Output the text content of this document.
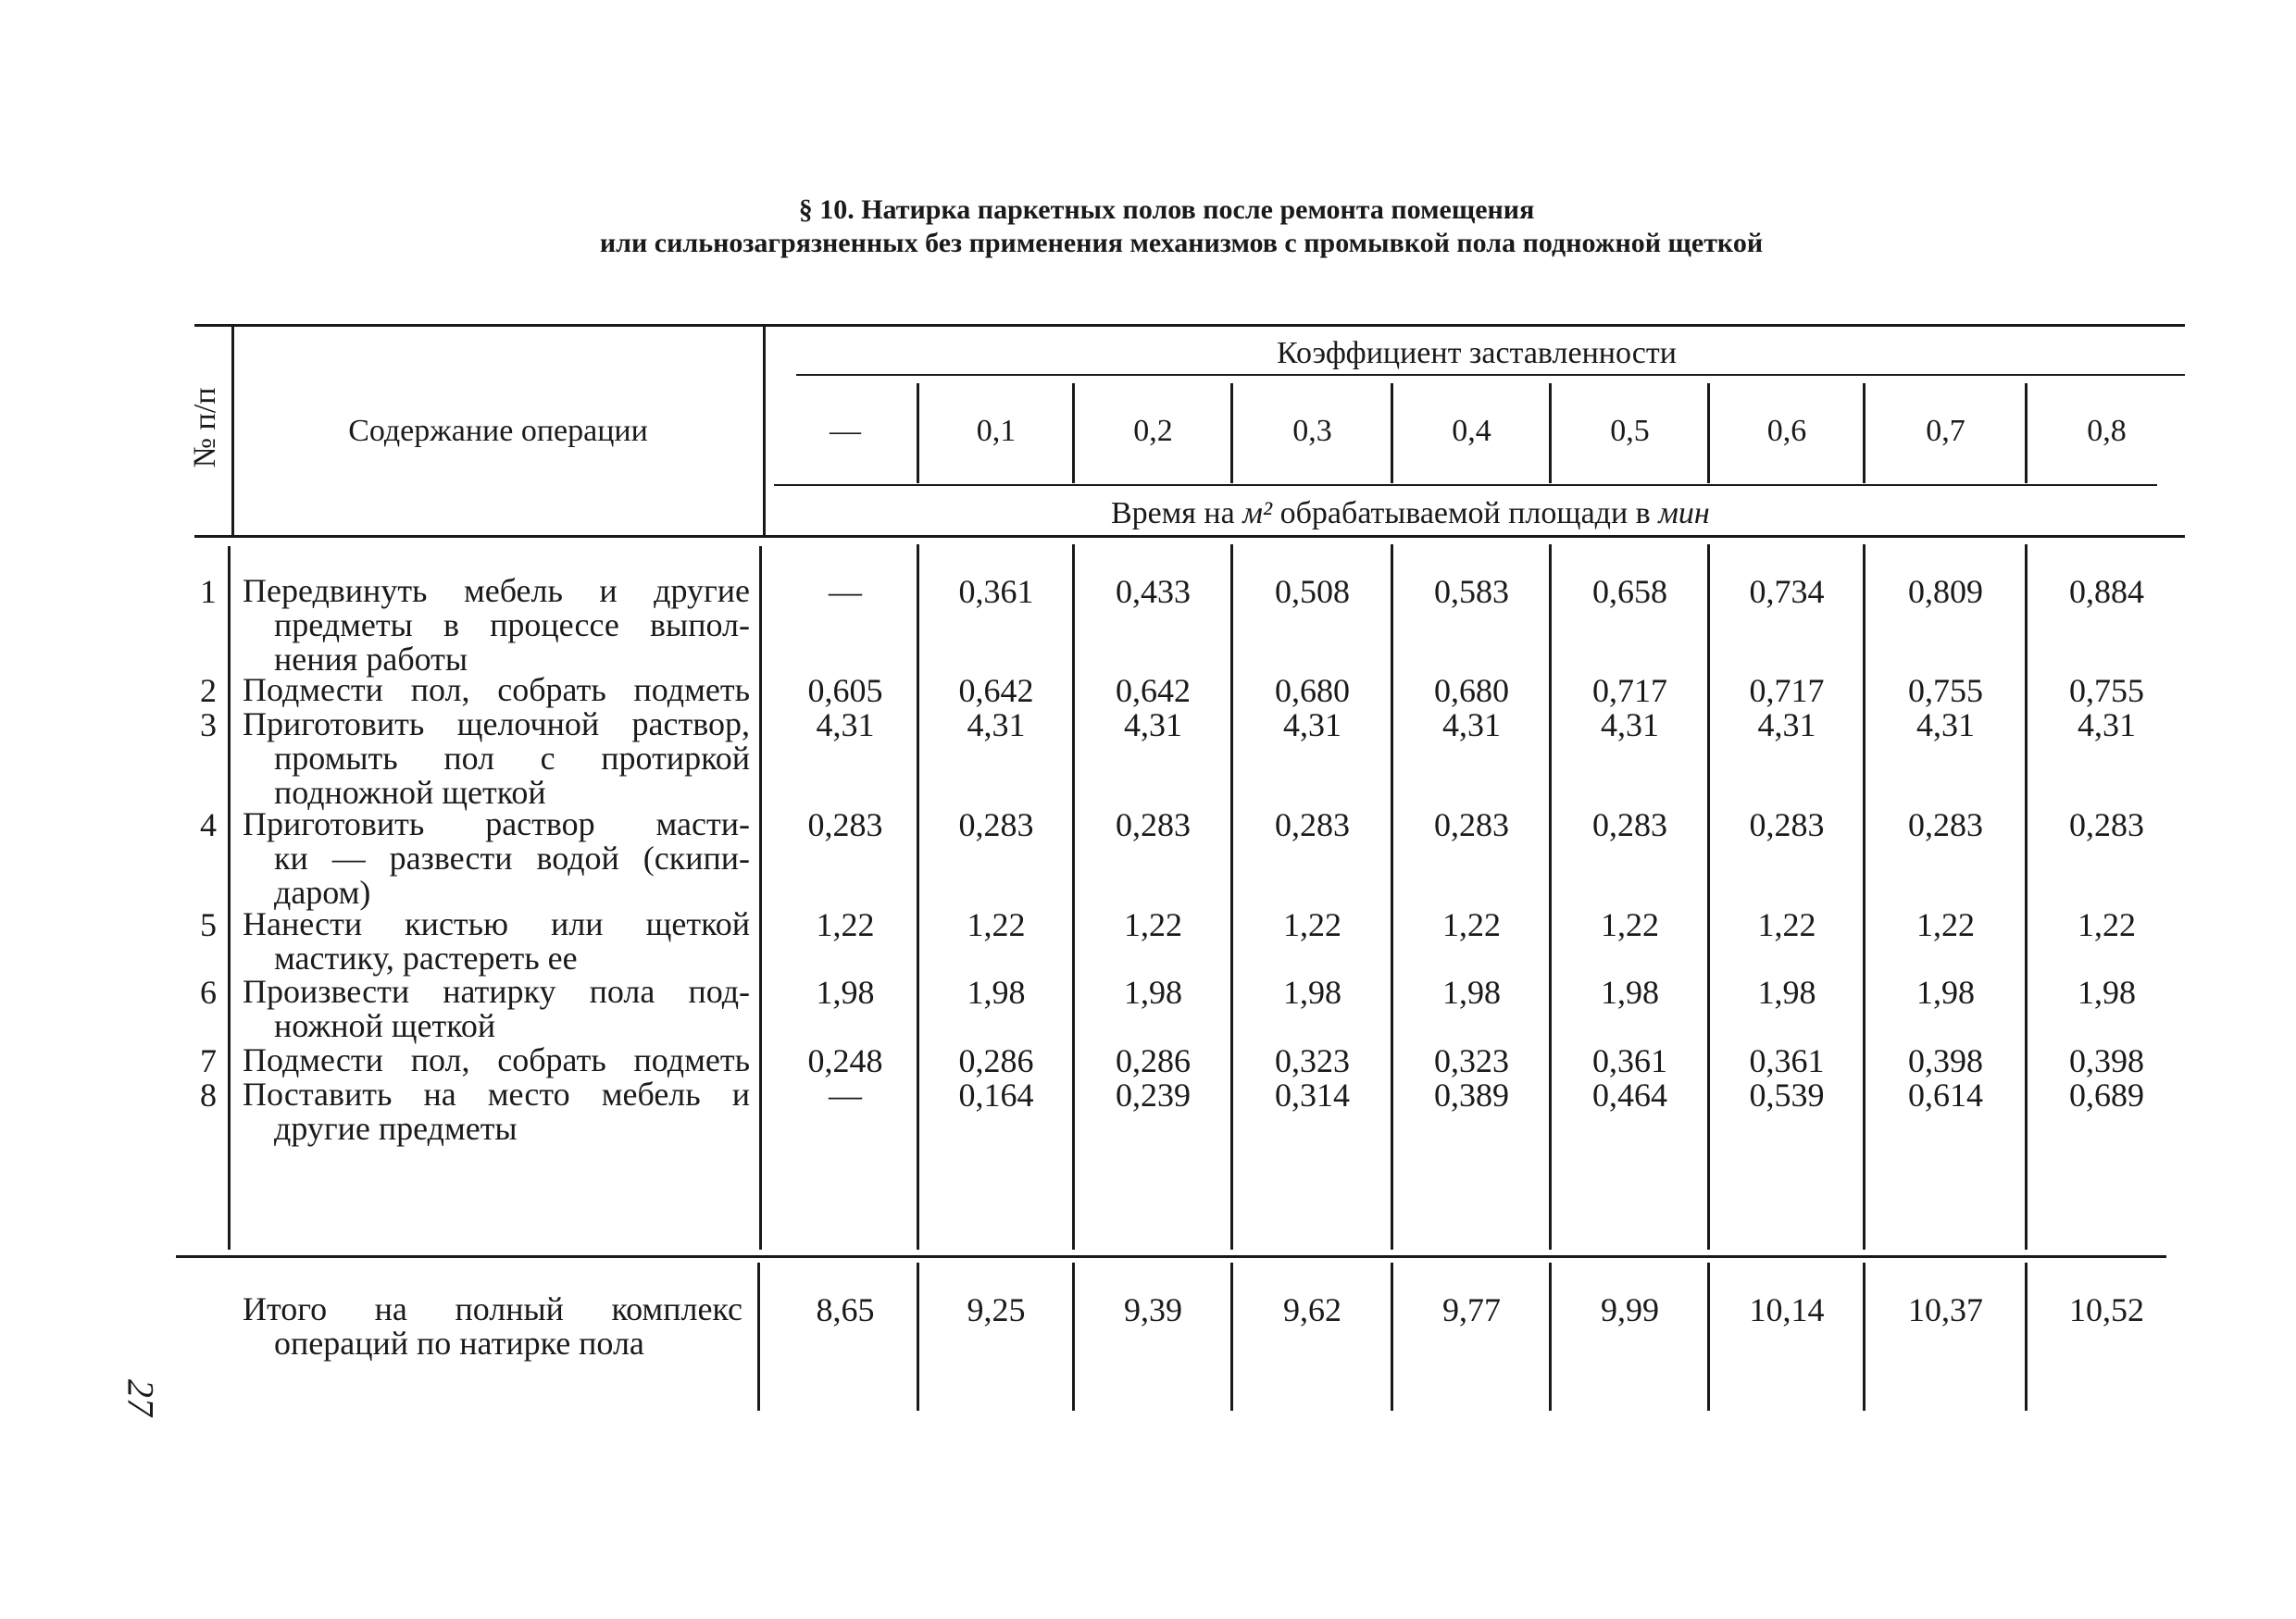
§ 10. Натирка паркетных полов после ремонта помещения
или сильнозагрязненных без применения механизмов с промывкой пола подножной щеткой
№ п/п	Содержание операции
Коэффициент заставленности
Время на м² обрабатываемой площади в мин
—	0,1	0,2	0,3	0,4	0,5	0,6	0,7	0,8
1 Передвинуть мебель и другие
предметы в процессе выпол-
нения работы
—	0,361	0,433	0,508	0,583	0,658	0,734	0,809	0,884
2 Подмести пол, собрать подметь	0,605	0,642	0,642	0,680	0,680	0,717	0,717	0,755	0,755
3 Приготовить щелочной раствор,
промыть пол с протиркой
подножной щеткой
4,31	4,31	4,31	4,31	4,31	4,31	4,31	4,31	4,31
4 Приготовить раствор масти-
ки — развести водой (скипи-
даром)
0,283	0,283	0,283	0,283	0,283	0,283	0,283	0,283	0,283
5 Нанести кистью или щеткой
мастику, растереть ее
1,22	1,22	1,22	1,22	1,22	1,22	1,22	1,22	1,22
6 Произвести натирку пола под-
ножной щеткой
1,98	1,98	1,98	1,98	1,98	1,98	1,98	1,98	1,98
7 Подмести пол, собрать подметь	0,248	0,286	0,286	0,323	0,323	0,361	0,361	0,398	0,398
8 Поставить на место мебель и
другие предметы
—	0,164	0,239	0,314	0,389	0,464	0,539	0,614	0,689
Итого на полный комплекс
операций по натирке пола
8,65	9,25	9,39	9,62	9,77	9,99	10,14	10,37	10,52
27
